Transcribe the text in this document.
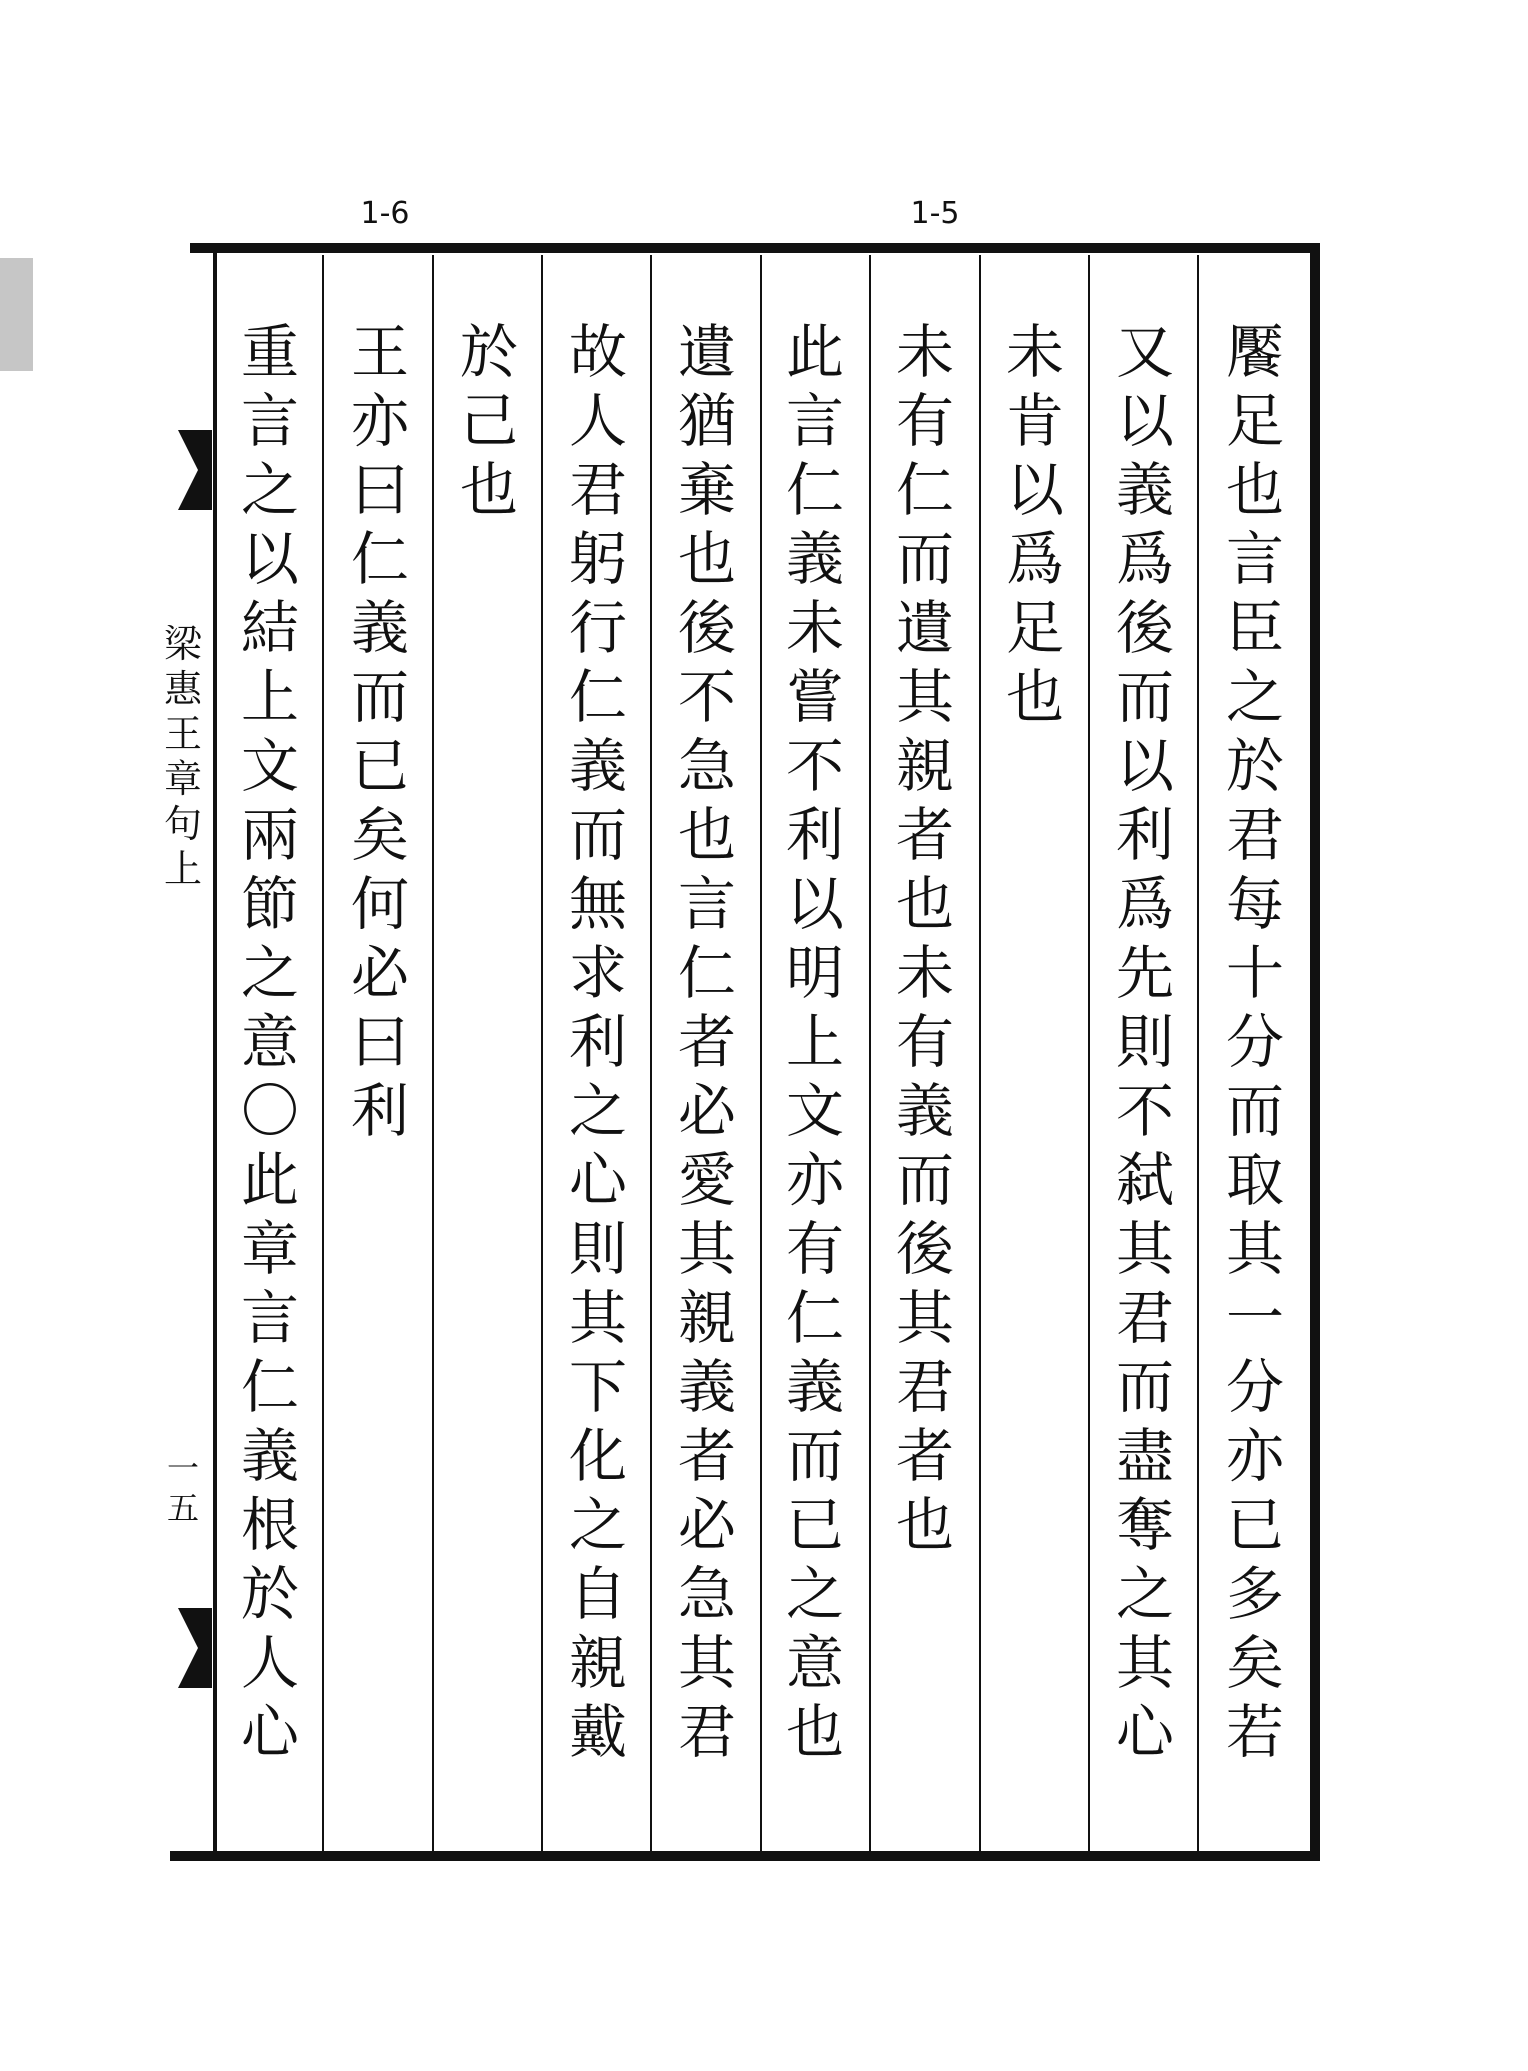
1-6	1-5
梁
惠
王
章
句
上
一
五
饜
足
也
言
臣
之
於
君
每
十
分
而
取
其
一
分
亦
已
多
矣
若
又
以
義
爲
後
而
以
利
爲
先
則
不
弑
其
君
而
盡
奪
之
其
心
未
肯
以
爲
足
也
未
有
仁
而
遺
其
親
者
也
未
有
義
而
後
其
君
者
也
此
言
仁
義
未
嘗
不
利
以
明
上
文
亦
有
仁
義
而
已
之
意
也
遺
猶
棄
也
後
不
急
也
言
仁
者
必
愛
其
親
義
者
必
急
其
君
故
人
君
躬
行
仁
義
而
無
求
利
之
心
則
其
下
化
之
自
親
戴
於
己
也
王
亦
曰
仁
義
而
已
矣
何
必
曰
利
重
言
之
以
結
上
文
兩
節
之
意
〇
此
章
言
仁
義
根
於
人
心
